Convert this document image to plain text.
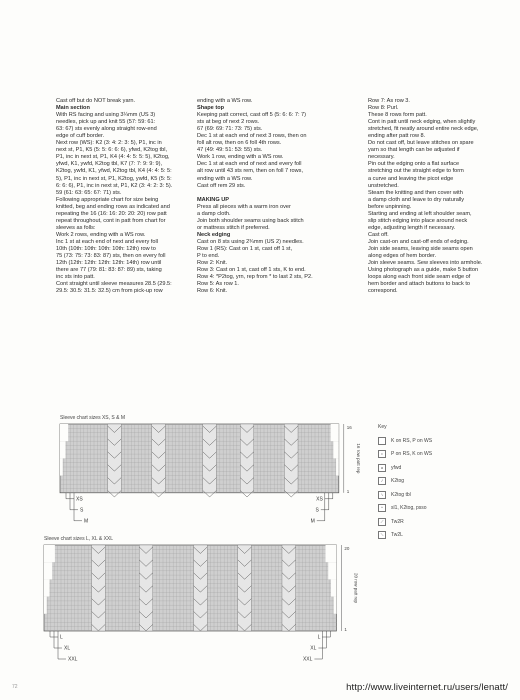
Cast off but do NOT break yarn.

Main section

With RS facing and using 3¼mm (US 3)

needles, pick up and knit 55 (57: 59: 61:

63: 67) sts evenly along straight row-end

edge of cuff border.

Next row (WS): K2 (3: 4: 2: 3: 5), P1, inc in

next st, P1, K5 (5: 5: 6: 6: 6), yfwd, K2tog tbl,

P1, inc in next st, P1, K4 (4: 4: 5: 5: 5), K2tog,

yfwd, K1, ywfd, K2tog tbl, K7 (7: 7: 9: 9: 9),

K2tog, ywfd, K1, yfwd, K2tog tbl, K4 (4: 4: 5: 5:

5), P1, inc in next st, P1, K2tog, ywfd, K5 (5: 5:

6: 6: 6), P1, inc in next st, P1, K2 (3: 4: 2: 3: 5).

59 (61: 63: 65: 67: 71) sts.

Following appropriate chart for size being

knitted, beg and ending rows as indicated and

repeating the 16 (16: 16: 20: 20: 20) row patt

repeat throughout, cont in patt from chart for

sleeves as folls:

Work 2 rows, ending with a WS row.

Inc 1 st at each end of next and every foll

10th (10th: 10th: 10th: 10th: 12th) row to

75 (73: 75: 73: 83: 87) sts, then on every foll

12th (12th: 12th: 12th: 12th: 14th) row until

there are 77 (79: 81: 83: 87: 89) sts, taking

inc sts into patt.

Cont straight until sleeve measures 28.5 (29.5:

29.5: 30.5: 31.5: 32.5) cm from pick-up row

ending with a WS row.

Shape top

Keeping patt correct, cast off 5 (5: 6: 6: 7: 7)

sts at beg of next 2 rows.

67 (69: 69: 71: 73: 75) sts.

Dec 1 st at each end of next 3 rows, then on

foll alt row, then on 6 foll 4th rows.

47 (49: 49: 51: 53: 55) sts.

Work 1 row, ending with a WS row.

Dec 1 st at each end of next and every foll

alt row until 43 sts rem, then on foll 7 rows,

ending with a WS row.

Cast off rem 29 sts.

MAKING UP

Press all pieces with a warm iron over

a damp cloth.

Join both shoulder seams using back stitch

or mattress stitch if preferred.

Neck edging

Cast on 8 sts using 2¾mm (US 2) needles.

Row 1 (RS): Cast on 1 st, cast off 1 st,

P to end.

Row 2: Knit.

Row 3: Cast on 1 st, cast off 1 sts, K to end.

Row 4: *P2tog, yrn, rep from * to last 2 sts, P2.

Row 5: As row 1.

Row 6: Knit.

Row 7: As row 3.

Row 8: Purl.

These 8 rows form patt.

Cont in patt until neck edging, when slightly

stretched, fit neatly around entire neck edge,

ending after patt row 8.

Do not cast off, but leave stitches on spare

yarn so that length can be adjusted if

necessary.

Pin out the edging onto a flat surface

stretching out the straight edge to form

a curve and leaving the picot edge

unstretched.

Steam the knitting and then cover with

a damp cloth and leave to dry naturally

before unpinning.

Starting and ending at left shoulder seam,

slip stitch edging into place around neck

edge, adjusting length if necessary.

Cast off.

Join cast-on and cast-off ends of edging.

Join side seams, leaving side seams open

along edges of hem border.

Join sleeve seams. Sew sleeves into armhole.

Using photograph as a guide, make 5 button

loops along each front side seam edge of

hem border and attach buttons to back to

correspond.

Sleeve chart sizes XS, S & M
16
1
16 row patt rep
XS
S
M
XS
S
M
Sleeve chart sizes L, XL & XXL
20
1
20 row patt rep
L
XL
XXL
L
XL
XXL
Key
K on RS, P on WS
•	P on RS, K on WS
o	yfwd
/	K2tog
\	K2tog tbl
^	sl1, K2tog, psso
⟋	Tw2R
⟍	Tw2L
72	http://www.liveinternet.ru/users/lenatt/
